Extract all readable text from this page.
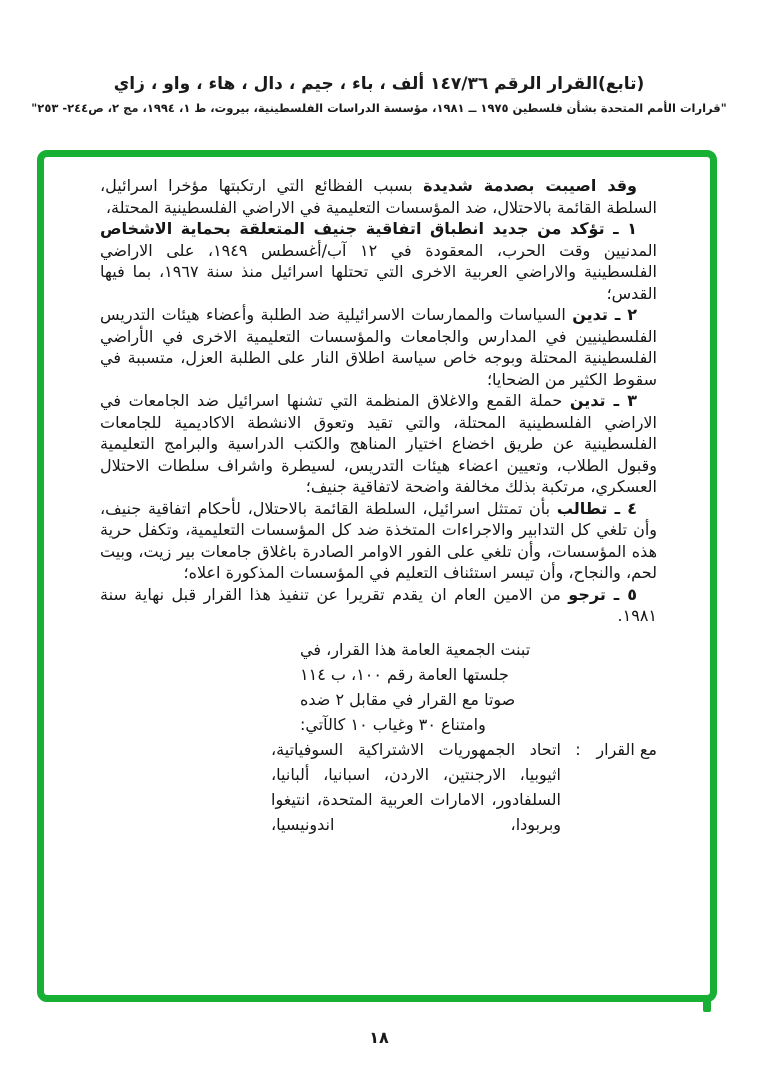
(تابع)القرار الرقم ١٤٧/٣٦ ألف ، باء ، جيم ، دال ، هاء ، واو ، زاي
"قرارات الأمم المتحدة بشأن فلسطين ١٩٧٥ ــ ١٩٨١، مؤسسة الدراسات الفلسطينية، بيروت، ط ١، ١٩٩٤، مج ٢، ص٢٤٤- ٢٥٣"

وقد اصيبت بصدمة شديدة بسبب الفظائع التي ارتكبتها مؤخرا اسرائيل، السلطة القائمة بالاحتلال، ضد المؤسسات التعليمية في الاراضي الفلسطينية المحتلة،

١ ـ تؤكد من جديد انطباق اتفاقية جنيف المتعلقة بحماية الاشخاص المدنيين وقت الحرب، المعقودة في ١٢ آب/أغسطس ١٩٤٩، على الاراضي الفلسطينية والاراضي العربية الاخرى التي تحتلها اسرائيل منذ سنة ١٩٦٧، بما فيها القدس؛

٢ ـ تدين السياسات والممارسات الاسرائيلية ضد الطلبة وأعضاء هيئات التدريس الفلسطينيين في المدارس والجامعات والمؤسسات التعليمية الاخرى في الأراضي الفلسطينية المحتلة وبوجه خاص سياسة اطلاق النار على الطلبة العزل، متسببة في سقوط الكثير من الضحايا؛

٣ ـ تدين حملة القمع والاغلاق المنظمة التي تشنها اسرائيل ضد الجامعات في الاراضي الفلسطينية المحتلة، والتي تقيد وتعوق الانشطة الاكاديمية للجامعات الفلسطينية عن طريق اخضاع اختيار المناهج والكتب الدراسية والبرامج التعليمية وقبول الطلاب، وتعيين اعضاء هيئات التدريس، لسيطرة واشراف سلطات الاحتلال العسكري، مرتكبة بذلك مخالفة واضحة لاتفاقية جنيف؛

٤ ـ تطالب بأن تمتثل اسرائيل، السلطة القائمة بالاحتلال، لأحكام اتفاقية جنيف، وأن تلغي كل التدابير والاجراءات المتخذة ضد كل المؤسسات التعليمية، وتكفل حرية هذه المؤسسات، وأن تلغي على الفور الاوامر الصادرة باغلاق جامعات بير زيت، وبيت لحم، والنجاح، وأن تيسر استئناف التعليم في المؤسسات المذكورة اعلاه؛

٥ ـ ترجو من الامين العام ان يقدم تقريرا عن تنفيذ هذا القرار قبل نهاية سنة ١٩٨١.

تبنت الجمعية العامة هذا القرار، في
جلستها العامة رقم ١٠٠، ب ١١٤
صوتا مع القرار في مقابل ٢ ضده
وامتناع ٣٠ وغياب ١٠ كالآتي:
مع القرار
:
اتحاد الجمهوريات الاشتراكية السوفياتية، اثيوبيا، الارجنتين، الاردن، اسبانيا، ألبانيا، السلفادور، الامارات العربية المتحدة، انتيغوا وبربودا، اندونيسيا،
١٨
